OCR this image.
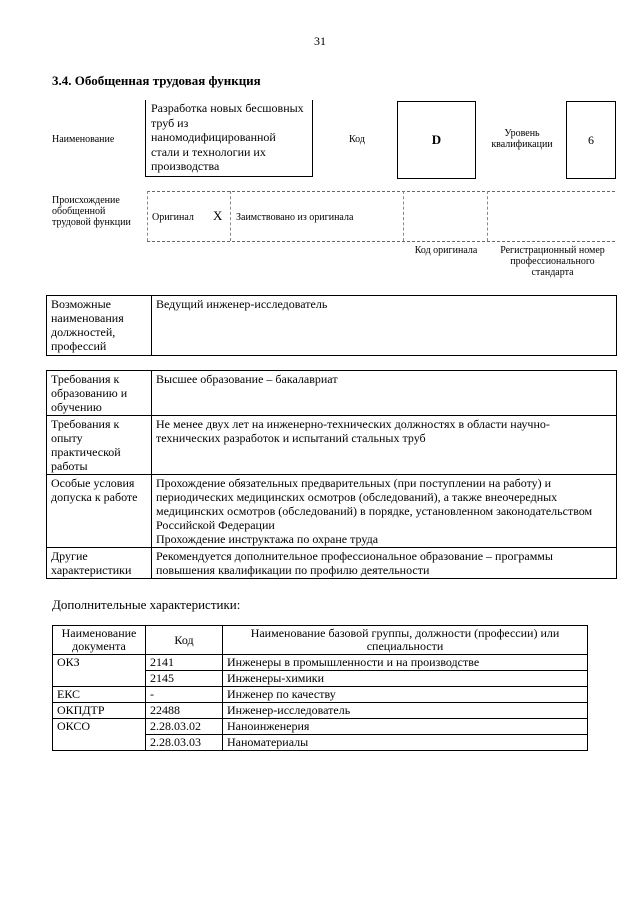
31
3.4. Обобщенная трудовая функция
Наименование
Разработка новых бесшовных труб из наномодифицированной стали и технологии их производства
Код	D	Уровень квалификации	6
Происхождение обобщенной трудовой функции	Оригинал X Заимствовано из оригинала
Код оригинала	Регистрационный номер профессионального стандарта
Возможные наименования должностей, профессий	Ведущий инженер-исследователь
Требования к образованию и обучению	Высшее образование – бакалавриат
Требования к опыту практической работы	Не менее двух лет на инженерно-технических должностях в области научно-технических разработок и испытаний стальных труб
Особые условия допуска к работе	Прохождение обязательных предварительных (при поступлении на работу) и периодических медицинских осмотров (обследований), а также внеочередных медицинских осмотров (обследований) в порядке, установленном законодательством Российской Федерации
Прохождение инструктажа по охране труда

Другие характеристики	Рекомендуется дополнительное профессиональное образование – программы повышения квалификации по профилю деятельности
Дополнительные характеристики:
Наименование документа	Код	Наименование базовой группы, должности (профессии) или специальности
ОКЗ	2141	Инженеры в промышленности и на производстве
	2145	Инженеры-химики
ЕКС	-	Инженер по качеству
ОКПДТР	22488	Инженер-исследователь
ОКСО	2.28.03.02	Наноинженерия
	2.28.03.03	Наноматериалы
